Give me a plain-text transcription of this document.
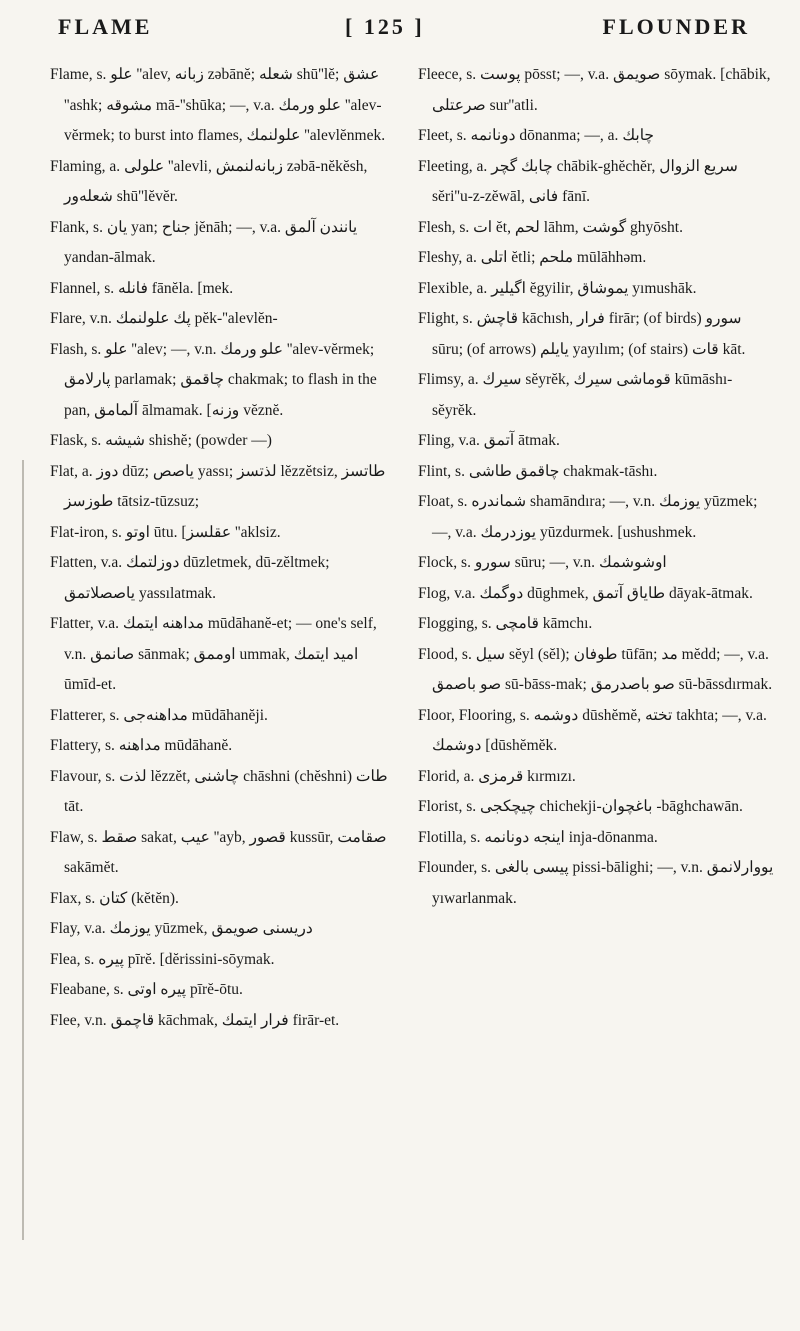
FLAME	[ 125 ]	FLOUNDER

Flame, s. علو ''alev, زبانه zəbānĕ; شعله shū''lĕ; عشق ''ashk; مشوقه mā-''shūka; —, v.a. علو ورمك ''alev-vĕrmek; to burst into flames, علولنمك ''alevlĕnmek.

Flaming, a. علولى ''alevli, زبانه‌لنمش zəbā-nĕkĕsh, شعله‌ور shū''lĕvĕr.

Flank, s. يان yan; جناح jĕnāh; —, v.a. يانندن آلمق yandan-ālmak.

Flannel, s. فانله fānĕla. [mek.

Flare, v.n. پك علولنمك pĕk-''alevlĕn-

Flash, s. علو ''alev; —, v.n. علو ورمك ''alev-vĕrmek; پارلامق parlamak; چاقمق chakmak; to flash in the pan, آلمامق ālmamak. [وزنه vĕznĕ.

Flask, s. شيشه shishĕ; (powder —)

Flat, a. دوز dūz; ياصص yassı; لذتسز lĕzzĕtsiz, طاتسز طوزسز tātsiz-tūzsuz;

Flat-iron, s. اوتو ūtu. [عقلسز ''aklsiz.

Flatten, v.a. دوزلتمك dūzletmek, dū-zĕltmek; ياصصلاتمق yassılatmak.

Flatter, v.a. مداهنه ايتمك mūdāhanĕ-et; — one's self, v.n. صانمق sānmak; اوممق ummak, اميد ايتمك ūmīd-et.

Flatterer, s. مداهنه‌جى mūdāhanĕji.

Flattery, s. مداهنه mūdāhanĕ.

Flavour, s. لذت lĕzzĕt, چاشنى chāshni (chĕshni) طات tāt.

Flaw, s. صقط sakat, عيب ''ayb, قصور kussūr, صقامت sakāmĕt.

Flax, s. كتان (kĕtĕn).

Flay, v.a. يوزمك yūzmek, دريسنى صويمق

Flea, s. پيره pīrĕ. [dĕrissini-sōymak.

Fleabane, s. پيره اوتى pīrĕ-ōtu.

Flee, v.n. قاچمق kāchmak, فرار ايتمك firār-et.

Fleece, s. پوست pōsst; —, v.a. صويمق sōymak. [chābik, صرعتلى sur''atli.

Fleet, s. دونانمه dōnanma; —, a. چابك

Fleeting, a. چابك گچر chābik-ghĕchĕr, سريع الزوال sĕri''u-z-zĕwāl, فانى fānī.

Flesh, s. ات ĕt, لحم lāhm, گوشت ghyōsht.

Fleshy, a. اتلى ĕtli; ملحم mūlāhhəm.

Flexible, a. اگيلير ĕgyilir, يموشاق yımushāk.

Flight, s. قاچش kāchısh, فرار firār; (of birds) سورو sūru; (of arrows) يايلم yayılım; (of stairs) قات kāt.

Flimsy, a. سيرك sĕyrĕk, قوماشى سيرك kūmāshı-sĕyrĕk.

Fling, v.a. آتمق ātmak.

Flint, s. چاقمق طاشى chakmak-tāshı.

Float, s. شماندره shamāndıra; —, v.n. يوزمك yūzmek; —, v.a. يوزدرمك yūzdurmek. [ushushmek.

Flock, s. سورو sūru; —, v.n. اوشوشمك

Flog, v.a. دوگمك dūghmek, طاياق آتمق dāyak-ātmak.

Flogging, s. قامچى kāmchı.

Flood, s. سيل sĕyl (sĕl); طوفان tūfān; مد mĕdd; —, v.a. صو باصمق sū-bāss-mak; صو باصدرمق sū-bāssdırmak.

Floor, Flooring, s. دوشمه dūshĕmĕ, تخته takhta; —, v.a. دوشمك [dūshĕmĕk.

Florid, a. قرمزى kırmızı.

Florist, s. چيچكجى chichekji-باغچوان -bāghchawān.

Flotilla, s. اينجه دونانمه inja-dōnanma.

Flounder, s. پيسى بالغى pissi-bālighi; —, v.n. يووارلانمق yıwarlanmak.
